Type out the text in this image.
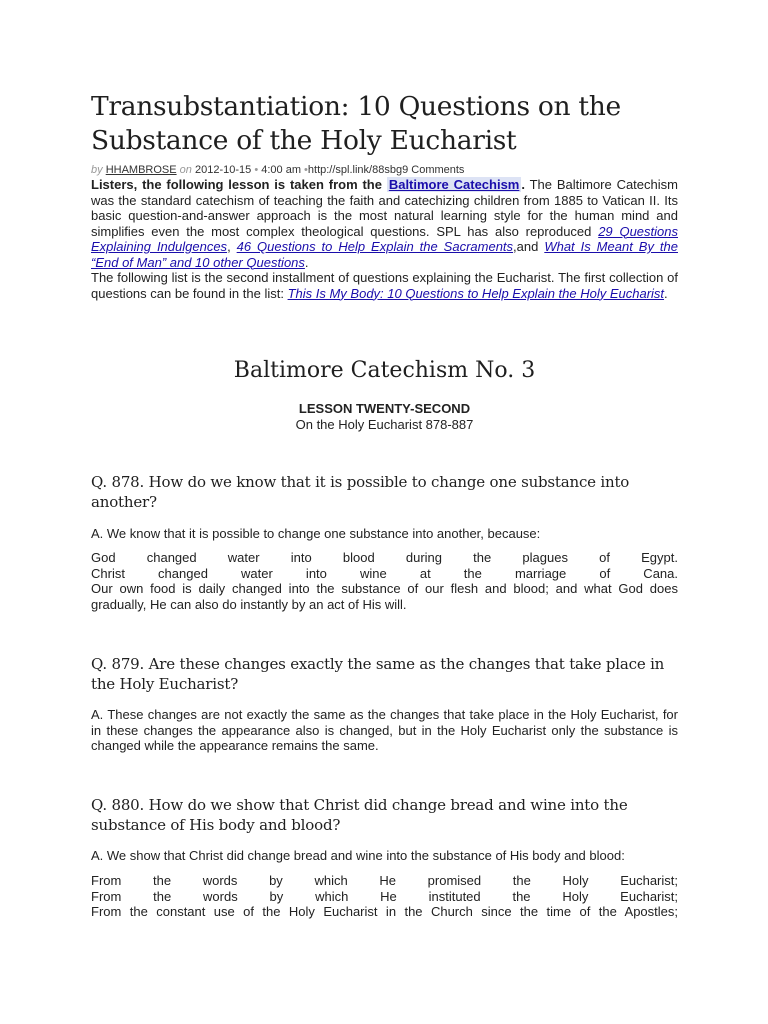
Transubstantiation: 10 Questions on the Substance of the Holy Eucharist
by HHAMBROSE on 2012-10-15 • 4:00 am •http://spl.link/88sbg9 Comments

Listers, the following lesson is taken from the Baltimore Catechism . The Baltimore Catechism was the standard catechism of teaching the faith and catechizing children from 1885 to Vatican II. Its basic question-and-answer approach is the most natural learning style for the human mind and simplifies even the most complex theological questions. SPL has also reproduced 29 Questions Explaining Indulgences, 46 Questions to Help Explain the Sacraments,and What Is Meant By the “End of Man” and 10 other Questions.

The following list is the second installment of questions explaining the Eucharist. The first collection of questions can be found in the list: This Is My Body: 10 Questions to Help Explain the Holy Eucharist.

Baltimore Catechism No. 3
LESSON TWENTY-SECOND
On the Holy Eucharist 878-887
Q. 878. How do we know that it is possible to change one substance into another?

A. We know that it is possible to change one substance into another, because:

God changed water into blood during the plagues of Egypt.
Christ changed water into wine at the marriage of Cana.
Our own food is daily changed into the substance of our flesh and blood; and what God does
gradually, He can also do instantly by an act of His will.
Q. 879. Are these changes exactly the same as the changes that take place in the Holy Eucharist?

A. These changes are not exactly the same as the changes that take place in the Holy Eucharist, for in these changes the appearance also is changed, but in the Holy Eucharist only the substance is changed while the appearance remains the same.

Q. 880. How do we show that Christ did change bread and wine into the substance of His body and blood?

A. We show that Christ did change bread and wine into the substance of His body and blood:

From the words by which He promised the Holy Eucharist;
From the words by which He instituted the Holy Eucharist;
From the constant use of the Holy Eucharist in the Church since the time of the Apostles;
